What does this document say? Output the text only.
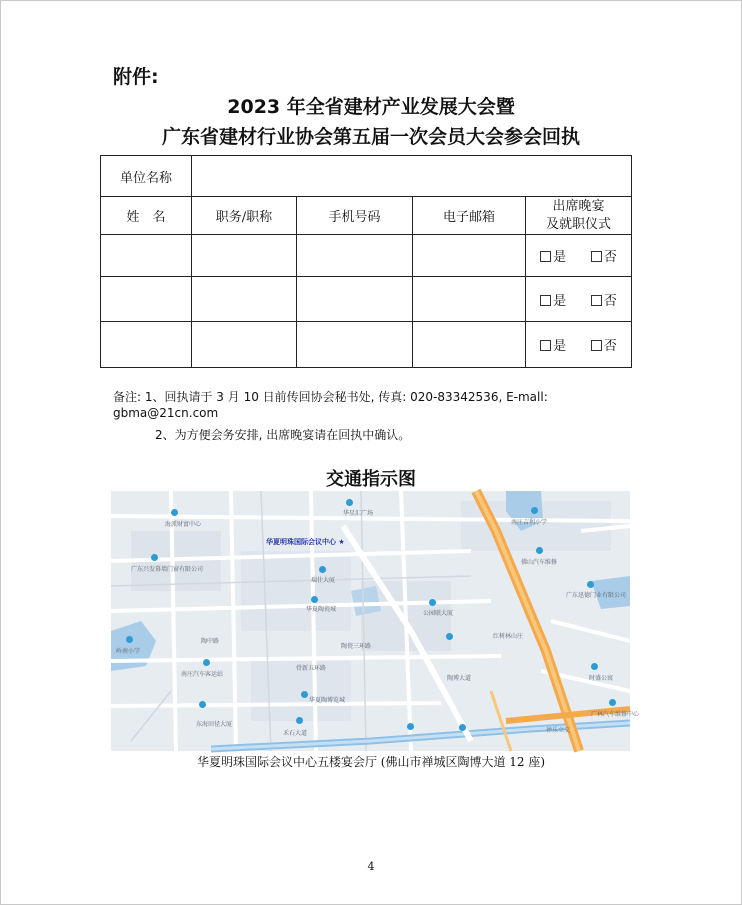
附件:
2023 年全省建材产业发展大会暨
广东省建材行业协会第五届一次会员大会参会回执
单位名称				
姓　名	职务/职称	手机号码	电子邮箱	出席晚宴
及就职仪式

				是 否
				是 否
				是 否
备注: 1、回执请于 3 月 10 日前传回协会秘书处, 传真: 020-83342536, E-mall:
gbma@21cn.com
2、为方便会务安排, 出席晚宴请在回执中确认。
交通指示图
海派财富中心
华星汇广场
南庄吉利小学
广东兴发幕墙门窗有限公司
瑞仕大厦
华夏陶瓷城
佛山汽车维修
广东迅德门业有限公司
公园联大厦
岭南小学
陶中路
红树林山庄
陶博大道
骨新五环路
南庄汽车客运站
时盛公寓
华夏陶博览城
东海田径大厦
广林汽车维修中心
禅乐立交
禾石大道
陶瓷三环路
华夏明珠国际会议中心 ★
华夏明珠国际会议中心五楼宴会厅 (佛山市禅城区陶博大道 12 座)
4
